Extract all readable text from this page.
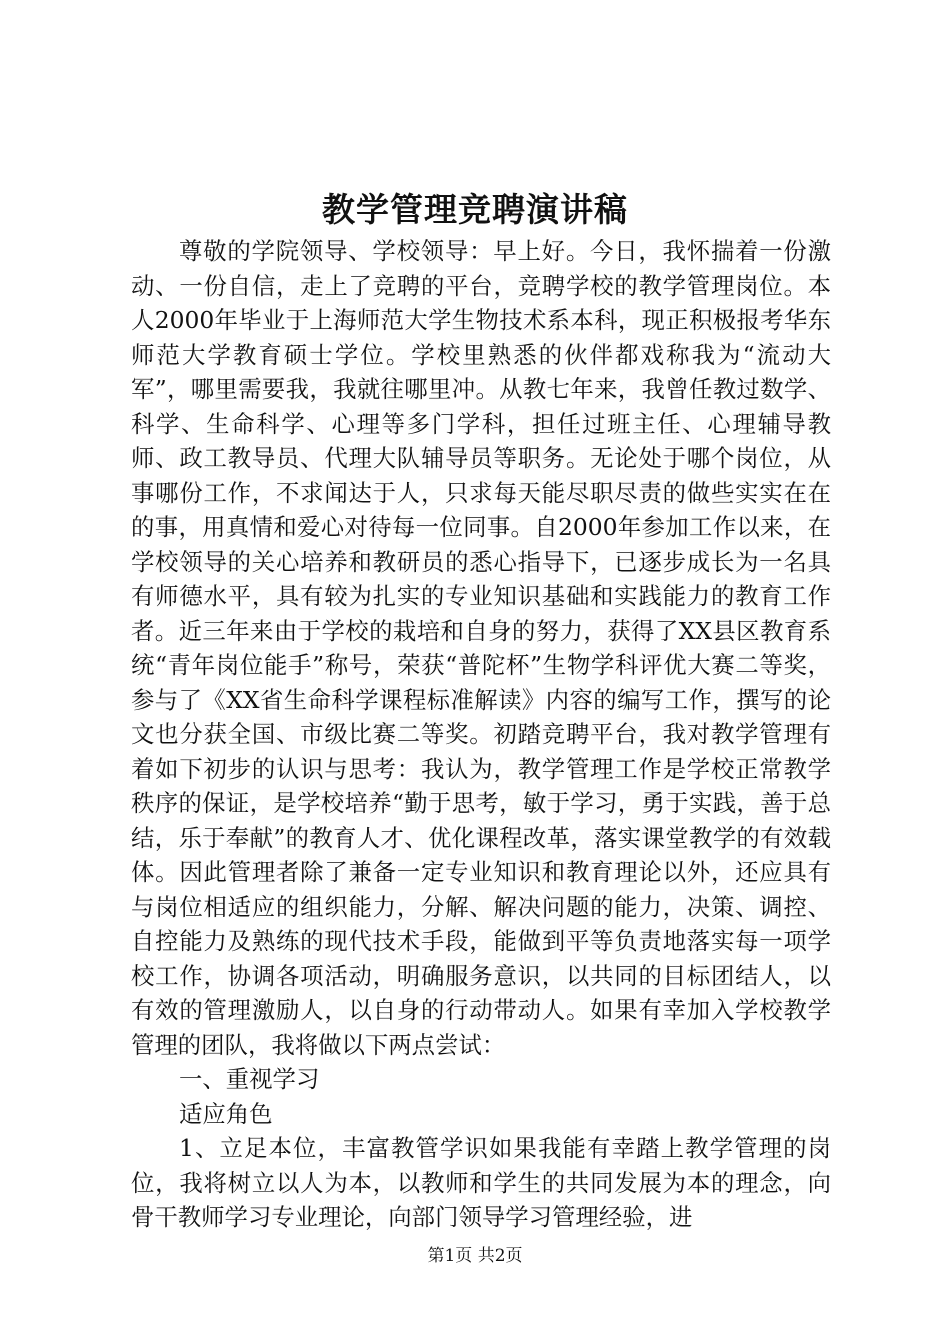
教学管理竞聘演讲稿

尊敬的学院领导、学校领导：早上好。今日，我怀揣着一份激动、一份自信，走上了竞聘的平台，竞聘学校的教学管理岗位。本人2000年毕业于上海师范大学生物技术系本科，现正积极报考华东师范大学教育硕士学位。学校里熟悉的伙伴都戏称我为“流动大军”，哪里需要我，我就往哪里冲。从教七年来，我曾任教过数学、科学、生命科学、心理等多门学科，担任过班主任、心理辅导教师、政工教导员、代理大队辅导员等职务。无论处于哪个岗位，从事哪份工作，不求闻达于人，只求每天能尽职尽责的做些实实在在的事，用真情和爱心对待每一位同事。自2000年参加工作以来，在学校领导的关心培养和教研员的悉心指导下，已逐步成长为一名具有师德水平，具有较为扎实的专业知识基础和实践能力的教育工作者。近三年来由于学校的栽培和自身的努力，获得了XX县区教育系统“青年岗位能手”称号，荣获“普陀杯”生物学科评优大赛二等奖，参与了《XX省生命科学课程标准解读》内容的编写工作，撰写的论文也分获全国、市级比赛二等奖。初踏竞聘平台，我对教学管理有着如下初步的认识与思考：我认为，教学管理工作是学校正常教学秩序的保证，是学校培养“勤于思考，敏于学习，勇于实践，善于总结，乐于奉献”的教育人才、优化课程改革，落实课堂教学的有效载体。因此管理者除了兼备一定专业知识和教育理论以外，还应具有与岗位相适应的组织能力，分解、解决问题的能力，决策、调控、自控能力及熟练的现代技术手段，能做到平等负责地落实每一项学校工作，协调各项活动，明确服务意识，以共同的目标团结人，以有效的管理激励人，以自身的行动带动人。如果有幸加入学校教学管理的团队，我将做以下两点尝试：

一、重视学习

适应角色

1、立足本位，丰富教管学识如果我能有幸踏上教学管理的岗位，我将树立以人为本，以教师和学生的共同发展为本的理念，向骨干教师学习专业理论，向部门领导学习管理经验，进

第1页 共2页
